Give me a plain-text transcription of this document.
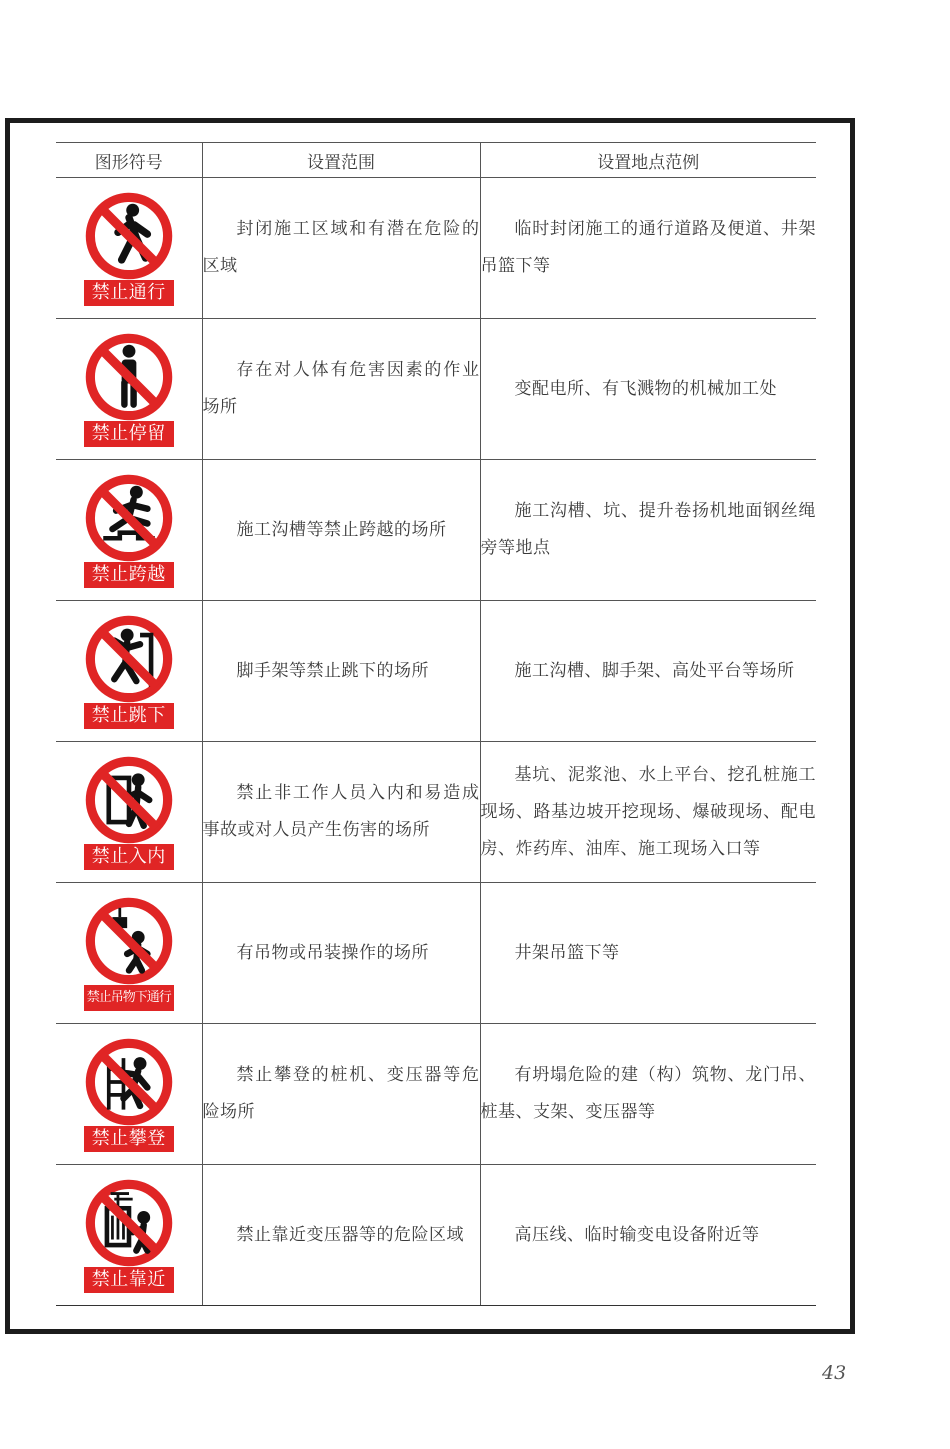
图形符号	设置范围	设置地点范例

禁止通行	封闭施工区域和有潜在危险的区域	临时封闭施工的通行道路及便道、井架吊篮下等

禁止停留	存在对人体有危害因素的作业场所	变配电所、有飞溅物的机械加工处

禁止跨越	施工沟槽等禁止跨越的场所	施工沟槽、坑、提升卷扬机地面钢丝绳旁等地点

禁止跳下	脚手架等禁止跳下的场所	施工沟槽、脚手架、高处平台等场所

禁止入内	禁止非工作人员入内和易造成事故或对人员产生伤害的场所	基坑、泥浆池、水上平台、挖孔桩施工现场、路基边坡开挖现场、爆破现场、配电房、炸药库、油库、施工现场入口等

禁止吊物下通行	有吊物或吊装操作的场所	井架吊篮下等

禁止攀登	禁止攀登的桩机、变压器等危险场所	有坍塌危险的建（构）筑物、龙门吊、桩基、支架、变压器等

禁止靠近	禁止靠近变压器等的危险区域	高压线、临时输变电设备附近等

43
